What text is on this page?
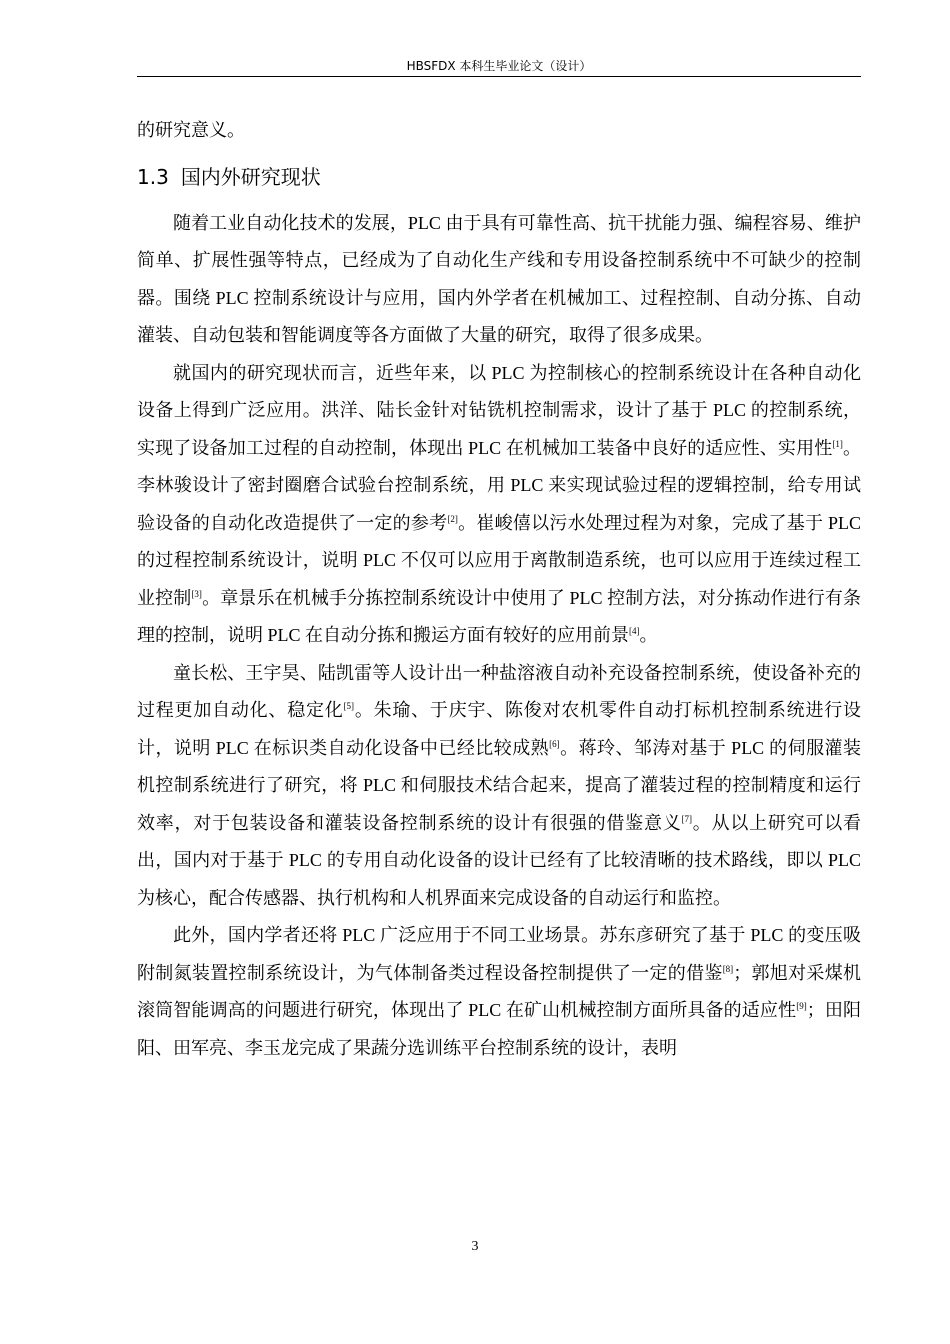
HBSFDX 本科生毕业论文（设计）

的研究意义。

1.3 国内外研究现状

随着工业自动化技术的发展，PLC 由于具有可靠性高、抗干扰能力强、编程容易、维护简单、扩展性强等特点，已经成为了自动化生产线和专用设备控制系统中不可缺少的控制器。围绕 PLC 控制系统设计与应用，国内外学者在机械加工、过程控制、自动分拣、自动灌装、自动包装和智能调度等各方面做了大量的研究，取得了很多成果。

就国内的研究现状而言，近些年来，以 PLC 为控制核心的控制系统设计在各种自动化设备上得到广泛应用。洪洋、陆长金针对钻铣机控制需求，设计了基于 PLC 的控制系统，实现了设备加工过程的自动控制，体现出 PLC 在机械加工装备中良好的适应性、实用性[1]。李林骏设计了密封圈磨合试验台控制系统，用 PLC 来实现试验过程的逻辑控制，给专用试验设备的自动化改造提供了一定的参考[2]。崔峻僖以污水处理过程为对象，完成了基于 PLC 的过程控制系统设计，说明 PLC 不仅可以应用于离散制造系统，也可以应用于连续过程工业控制[3]。章景乐在机械手分拣控制系统设计中使用了 PLC 控制方法，对分拣动作进行有条理的控制，说明 PLC 在自动分拣和搬运方面有较好的应用前景[4]。

童长松、王宇昊、陆凯雷等人设计出一种盐溶液自动补充设备控制系统，使设备补充的过程更加自动化、稳定化[5]。朱瑜、于庆宇、陈俊对农机零件自动打标机控制系统进行设计，说明 PLC 在标识类自动化设备中已经比较成熟[6]。蒋玲、邹涛对基于 PLC 的伺服灌装机控制系统进行了研究，将 PLC 和伺服技术结合起来，提高了灌装过程的控制精度和运行效率，对于包装设备和灌装设备控制系统的设计有很强的借鉴意义[7]。从以上研究可以看出，国内对于基于 PLC 的专用自动化设备的设计已经有了比较清晰的技术路线，即以 PLC 为核心，配合传感器、执行机构和人机界面来完成设备的自动运行和监控。

此外，国内学者还将 PLC 广泛应用于不同工业场景。苏东彦研究了基于 PLC 的变压吸附制氮装置控制系统设计，为气体制备类过程设备控制提供了一定的借鉴[8]；郭旭对采煤机滚筒智能调高的问题进行研究，体现出了 PLC 在矿山机械控制方面所具备的适应性[9]；田阳阳、田军亮、李玉龙完成了果蔬分选训练平台控制系统的设计，表明

3
